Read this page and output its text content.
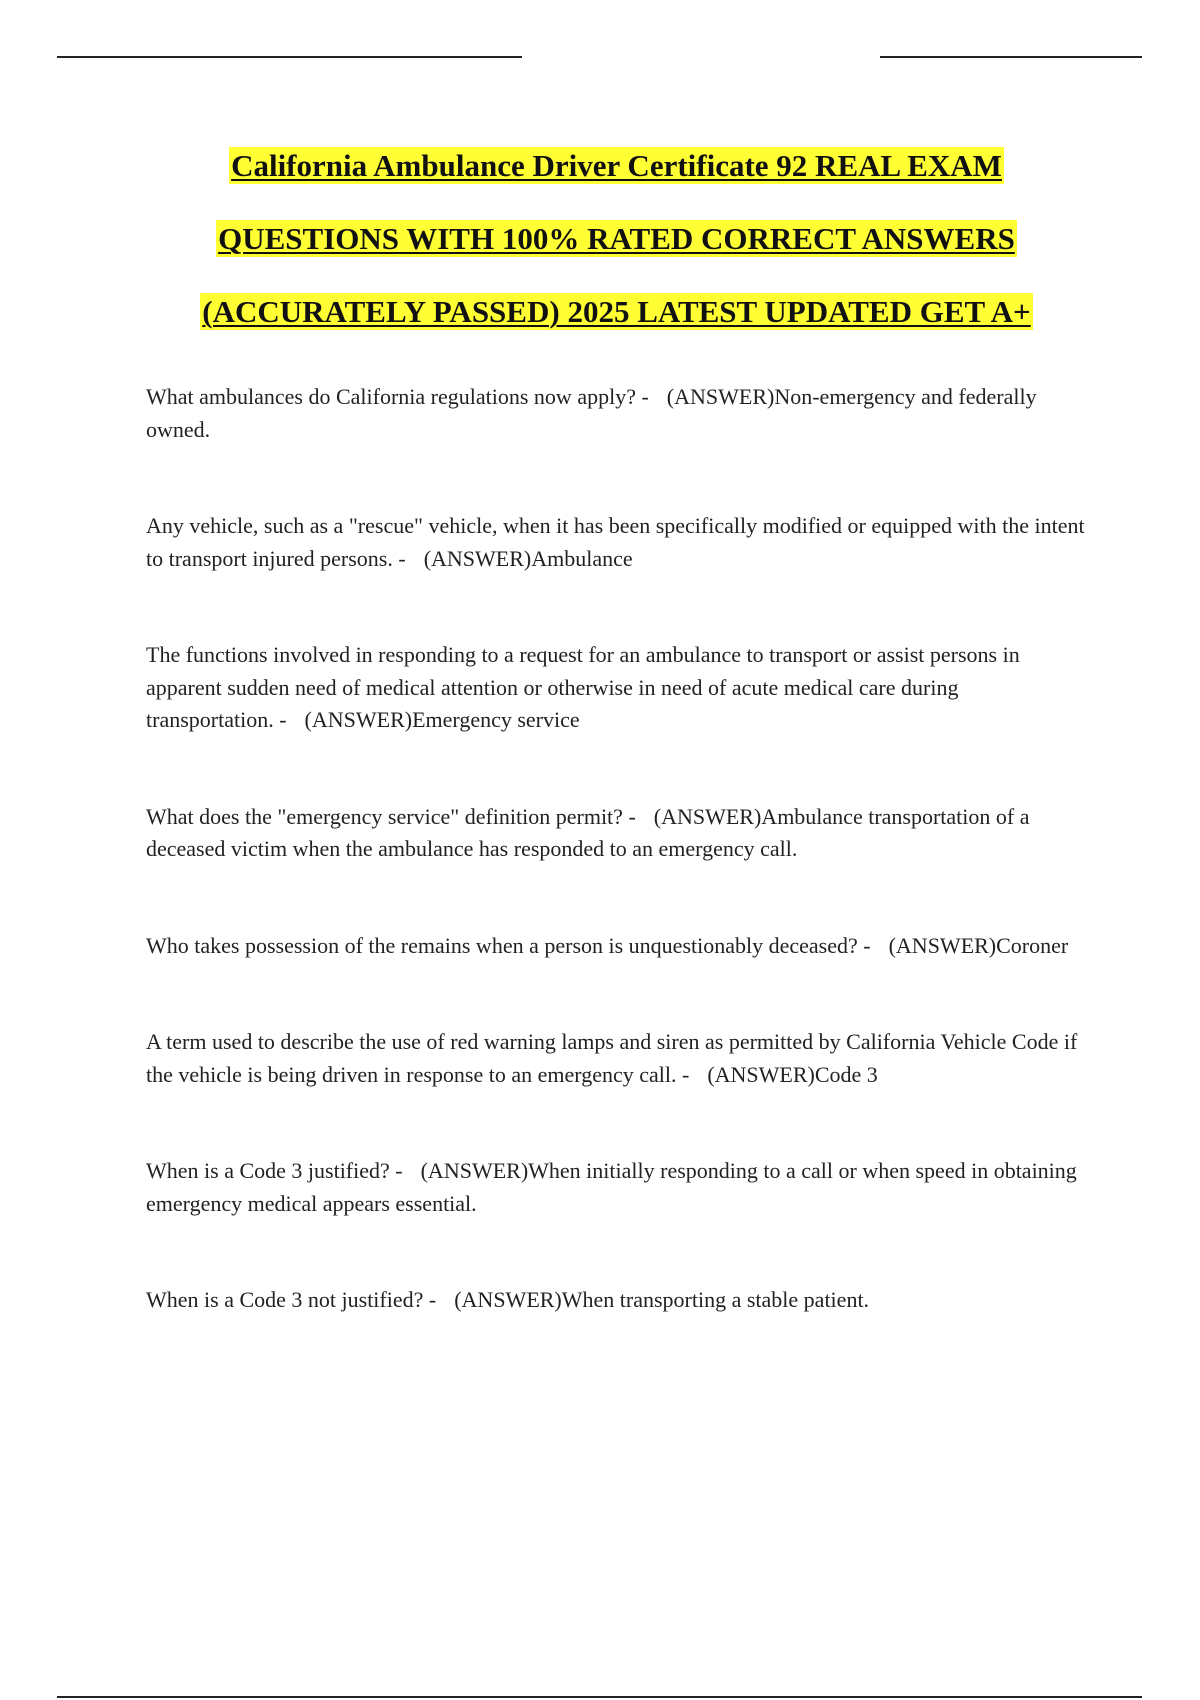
California Ambulance Driver Certificate 92 REAL EXAM
QUESTIONS WITH 100% RATED CORRECT ANSWERS
(ACCURATELY PASSED) 2025 LATEST UPDATED GET A+
What ambulances do California regulations now apply? - (ANSWER)Non-emergency and federally owned.
Any vehicle, such as a "rescue" vehicle, when it has been specifically modified or equipped with the intent to transport injured persons. - (ANSWER)Ambulance
The functions involved in responding to a request for an ambulance to transport or assist persons in apparent sudden need of medical attention or otherwise in need of acute medical care during transportation. - (ANSWER)Emergency service
What does the "emergency service" definition permit? - (ANSWER)Ambulance transportation of a deceased victim when the ambulance has responded to an emergency call.
Who takes possession of the remains when a person is unquestionably deceased? - (ANSWER)Coroner
A term used to describe the use of red warning lamps and siren as permitted by California Vehicle Code if the vehicle is being driven in response to an emergency call. - (ANSWER)Code 3
When is a Code 3 justified? - (ANSWER)When initially responding to a call or when speed in obtaining emergency medical appears essential.
When is a Code 3 not justified? - (ANSWER)When transporting a stable patient.
